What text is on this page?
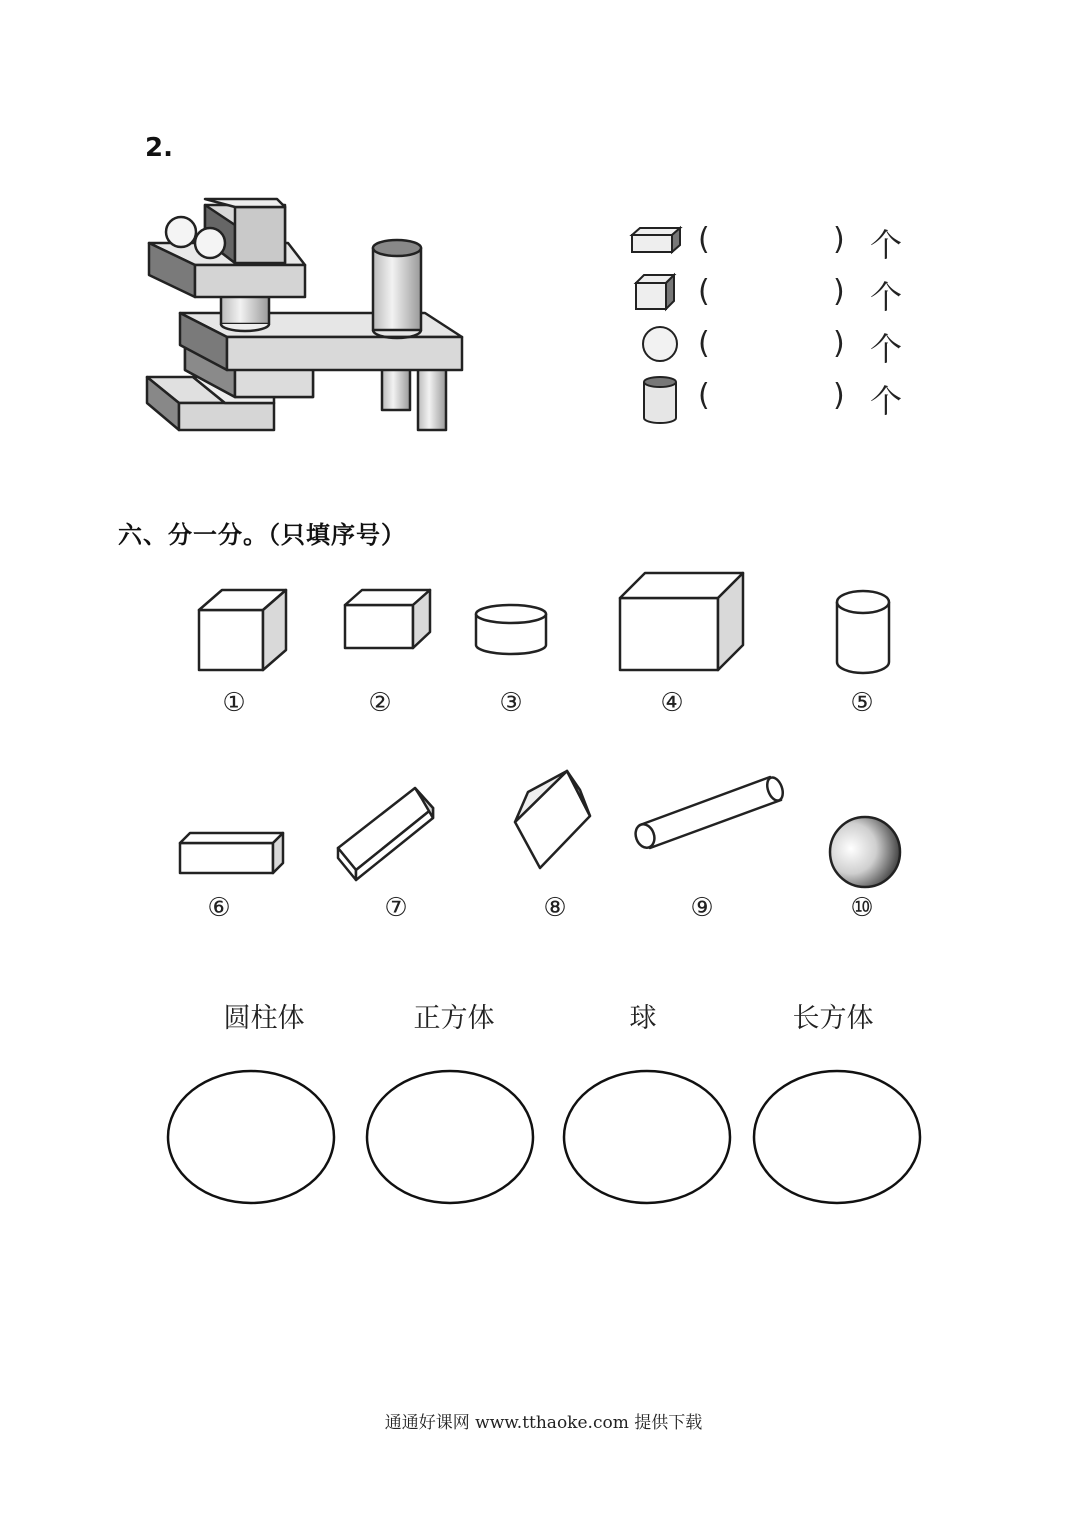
2.
(	) 个
(	) 个
(	) 个
(	) 个
六、分一分。（只填序号）
①	②	③	④	⑤
⑥	⑦	⑧	⑨	⑩
圆柱体	正方体	球	长方体
通通好课网 www.tthaoke.com 提供下载
